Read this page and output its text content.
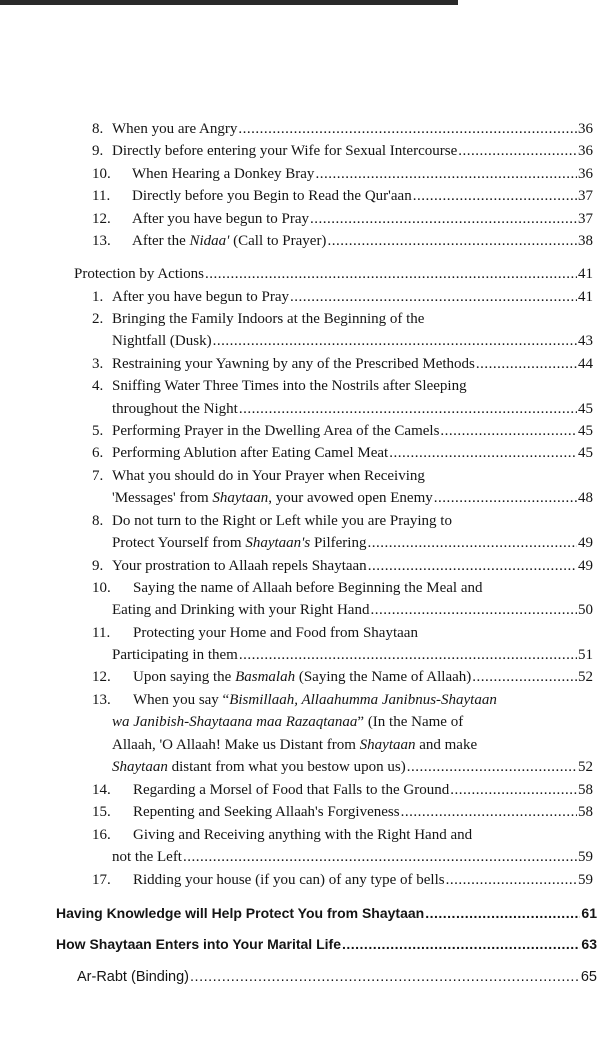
8. When you are Angry .....	36
9. Directly before entering your Wife for Sexual Intercourse .....	36
10.	When Hearing a Donkey Bray .....	36
11.	Directly before you Begin to Read the Qur'aan .....	37
12.	After you have begun to Pray .....	37
13.	After the Nidaa' (Call to Prayer) .....	38
Protection by Actions .....	41
1. After you have begun to Pray .....	41
2. Bringing the Family Indoors at the Beginning of the
Nightfall (Dusk) .....	43
3. Restraining your Yawning by any of the Prescribed Methods .....	44
4. Sniffing Water Three Times into the Nostrils after Sleeping
throughout the Night .....	45
5. Performing Prayer in the Dwelling Area of the Camels .....	45
6. Performing Ablution after Eating Camel Meat .....	45
7. What you should do in Your Prayer when Receiving
'Messages' from Shaytaan, your avowed open Enemy .....	48
8. Do not turn to the Right or Left while you are Praying to
Protect Yourself from Shaytaan's Pilfering .....	49
9. Your prostration to Allaah repels Shaytaan .....	49
10. Saying the name of Allaah before Beginning the Meal and
Eating and Drinking with your Right Hand .....	50
11. Protecting your Home and Food from Shaytaan
Participating in them .....	51
12.	Upon saying the Basmalah (Saying the Name of Allaah) .....	52
13. When you say “Bismillaah, Allaahumma Janibnus-Shaytaan
wa Janibish-Shaytaana maa Razaqtanaa” (In the Name of
Allaah, 'O Allaah! Make us Distant from Shaytaan and make
Shaytaan distant from what you bestow upon us) .....	52
14.	Regarding a Morsel of Food that Falls to the Ground .....	58
15.	Repenting and Seeking Allaah's Forgiveness .....	58
16. Giving and Receiving anything with the Right Hand and
not the Left .....	59
17.	Ridding your house (if you can) of any type of bells .....	59
Having Knowledge will Help Protect You from Shaytaan .....	61
How Shaytaan Enters into Your Marital Life .....	63
Ar-Rabt (Binding) .....	65
